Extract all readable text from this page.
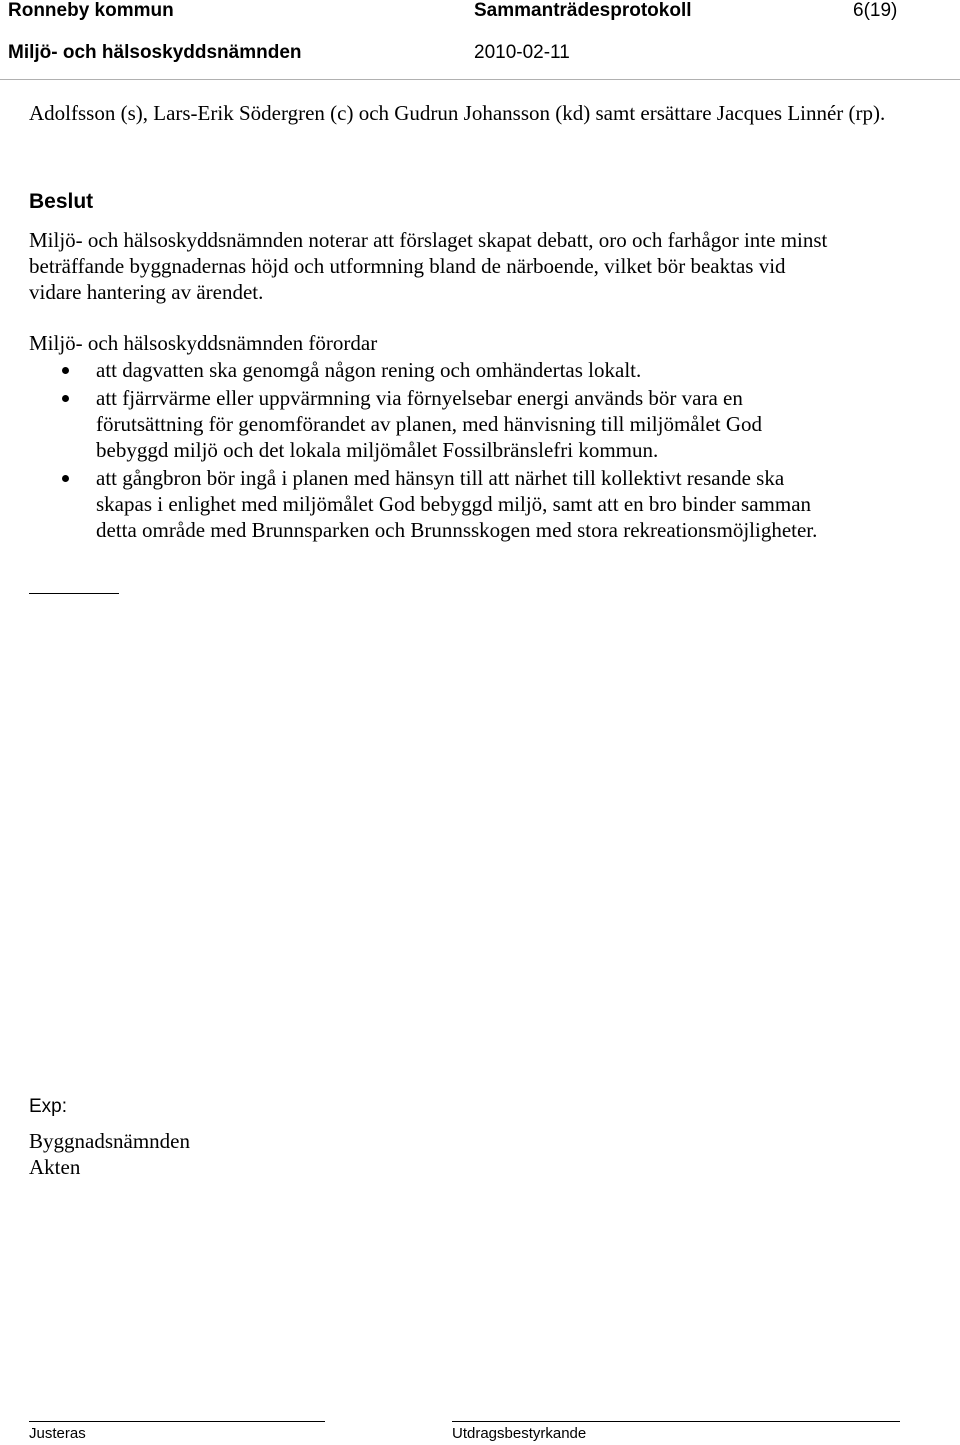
Ronneby kommun	Sammanträdesprotokoll	6(19)
Miljö- och hälsoskyddsnämnden	2010-02-11

Adolfsson (s), Lars-Erik Södergren (c) och Gudrun Johansson (kd) samt ersättare Jacques Linnér (rp).

Beslut

Miljö- och hälsoskyddsnämnden noterar att förslaget skapat debatt, oro och farhågor inte minst beträffande byggnadernas höjd och utformning bland de närboende, vilket bör beaktas vid vidare hantering av ärendet.

Miljö- och hälsoskyddsnämnden förordar

att dagvatten ska genomgå någon rening och omhändertas lokalt.
att fjärrvärme eller uppvärmning via förnyelsebar energi används bör vara en förutsättning för genomförandet av planen, med hänvisning till miljömålet God bebyggd miljö och det lokala miljömålet Fossilbränslefri kommun.
att gångbron bör ingå i planen med hänsyn till att närhet till kollektivt resande ska skapas i enlighet med miljömålet God bebyggd miljö, samt att en bro binder samman detta område med Brunnsparken och Brunnsskogen med stora rekreationsmöjligheter.

Exp:

Byggnadsnämnden
Akten
Justeras	Utdragsbestyrkande
